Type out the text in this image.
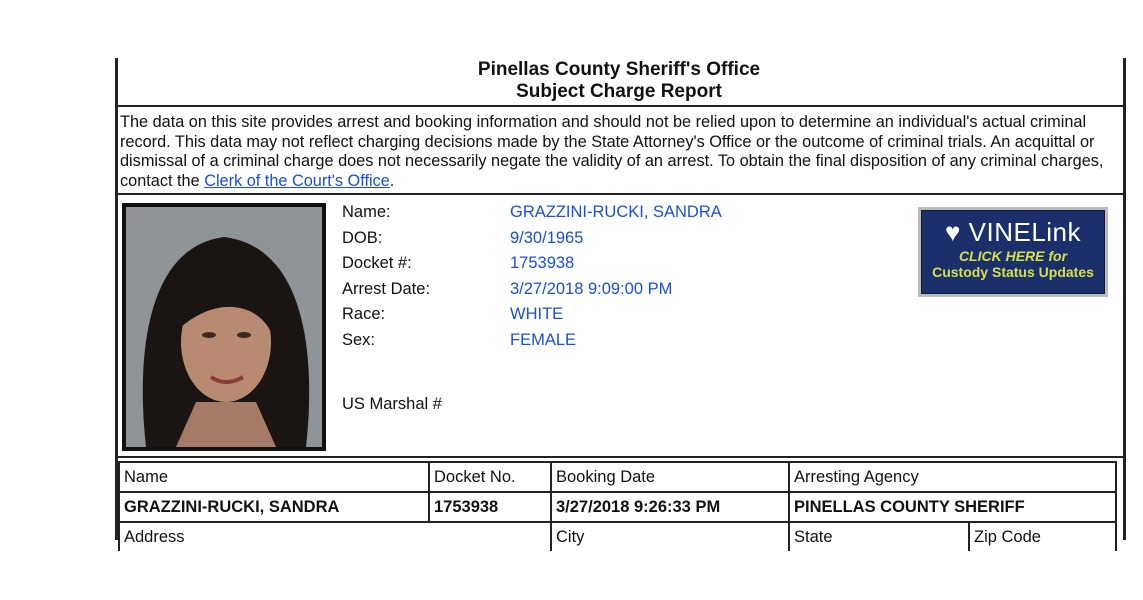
Pinellas County Sheriff's Office
Subject Charge Report
The data on this site provides arrest and booking information and should not be relied upon to determine an individual's actual criminal record. This data may not reflect charging decisions made by the State Attorney's Office or the outcome of criminal trials. An acquittal or dismissal of a criminal charge does not necessarily negate the validity of an arrest. To obtain the final disposition of any criminal charges, contact the Clerk of the Court's Office.
Name:	GRAZZINI-RUCKI, SANDRA
DOB:	9/30/1965
Docket #:	1753938
Arrest Date:	3/27/2018 9:09:00 PM
Race:	WHITE
Sex:	FEMALE
US Marshal #
♥ VINELink
CLICK HERE for
Custody Status Updates
Name	Docket No.	Booking Date	Arresting Agency	
GRAZZINI-RUCKI, SANDRA	1753938	3/27/2018 9:26:33 PM	PINELLAS COUNTY SHERIFF	
Address		City	State	Zip Code
